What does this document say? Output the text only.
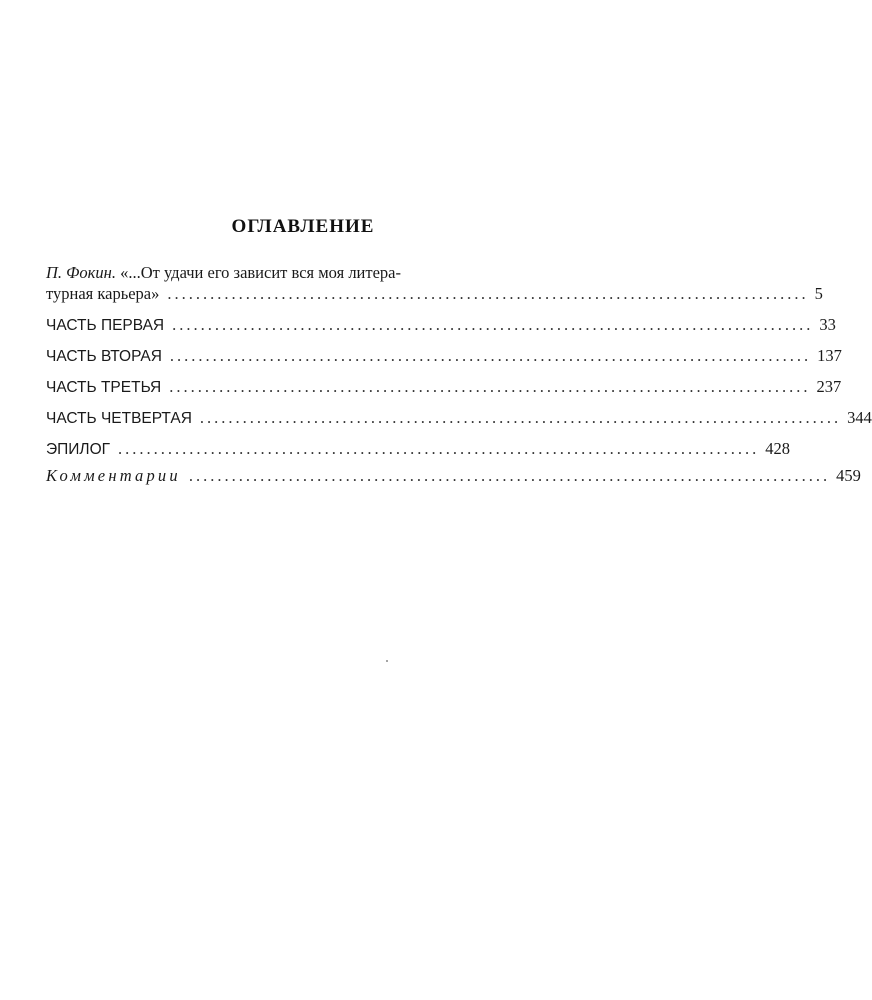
ОГЛАВЛЕНИЕ
П. Фокин. «...От удачи его зависит вся моя литера-
турная карьера» .......................................................................................... 5
ЧАСТЬ ПЕРВАЯ .......................................................................................... 33
ЧАСТЬ ВТОРАЯ .......................................................................................... 137
ЧАСТЬ ТРЕТЬЯ .......................................................................................... 237
ЧАСТЬ ЧЕТВЕРТАЯ .......................................................................................... 344
ЭПИЛОГ .......................................................................................... 428
Комментарии .......................................................................................... 459
